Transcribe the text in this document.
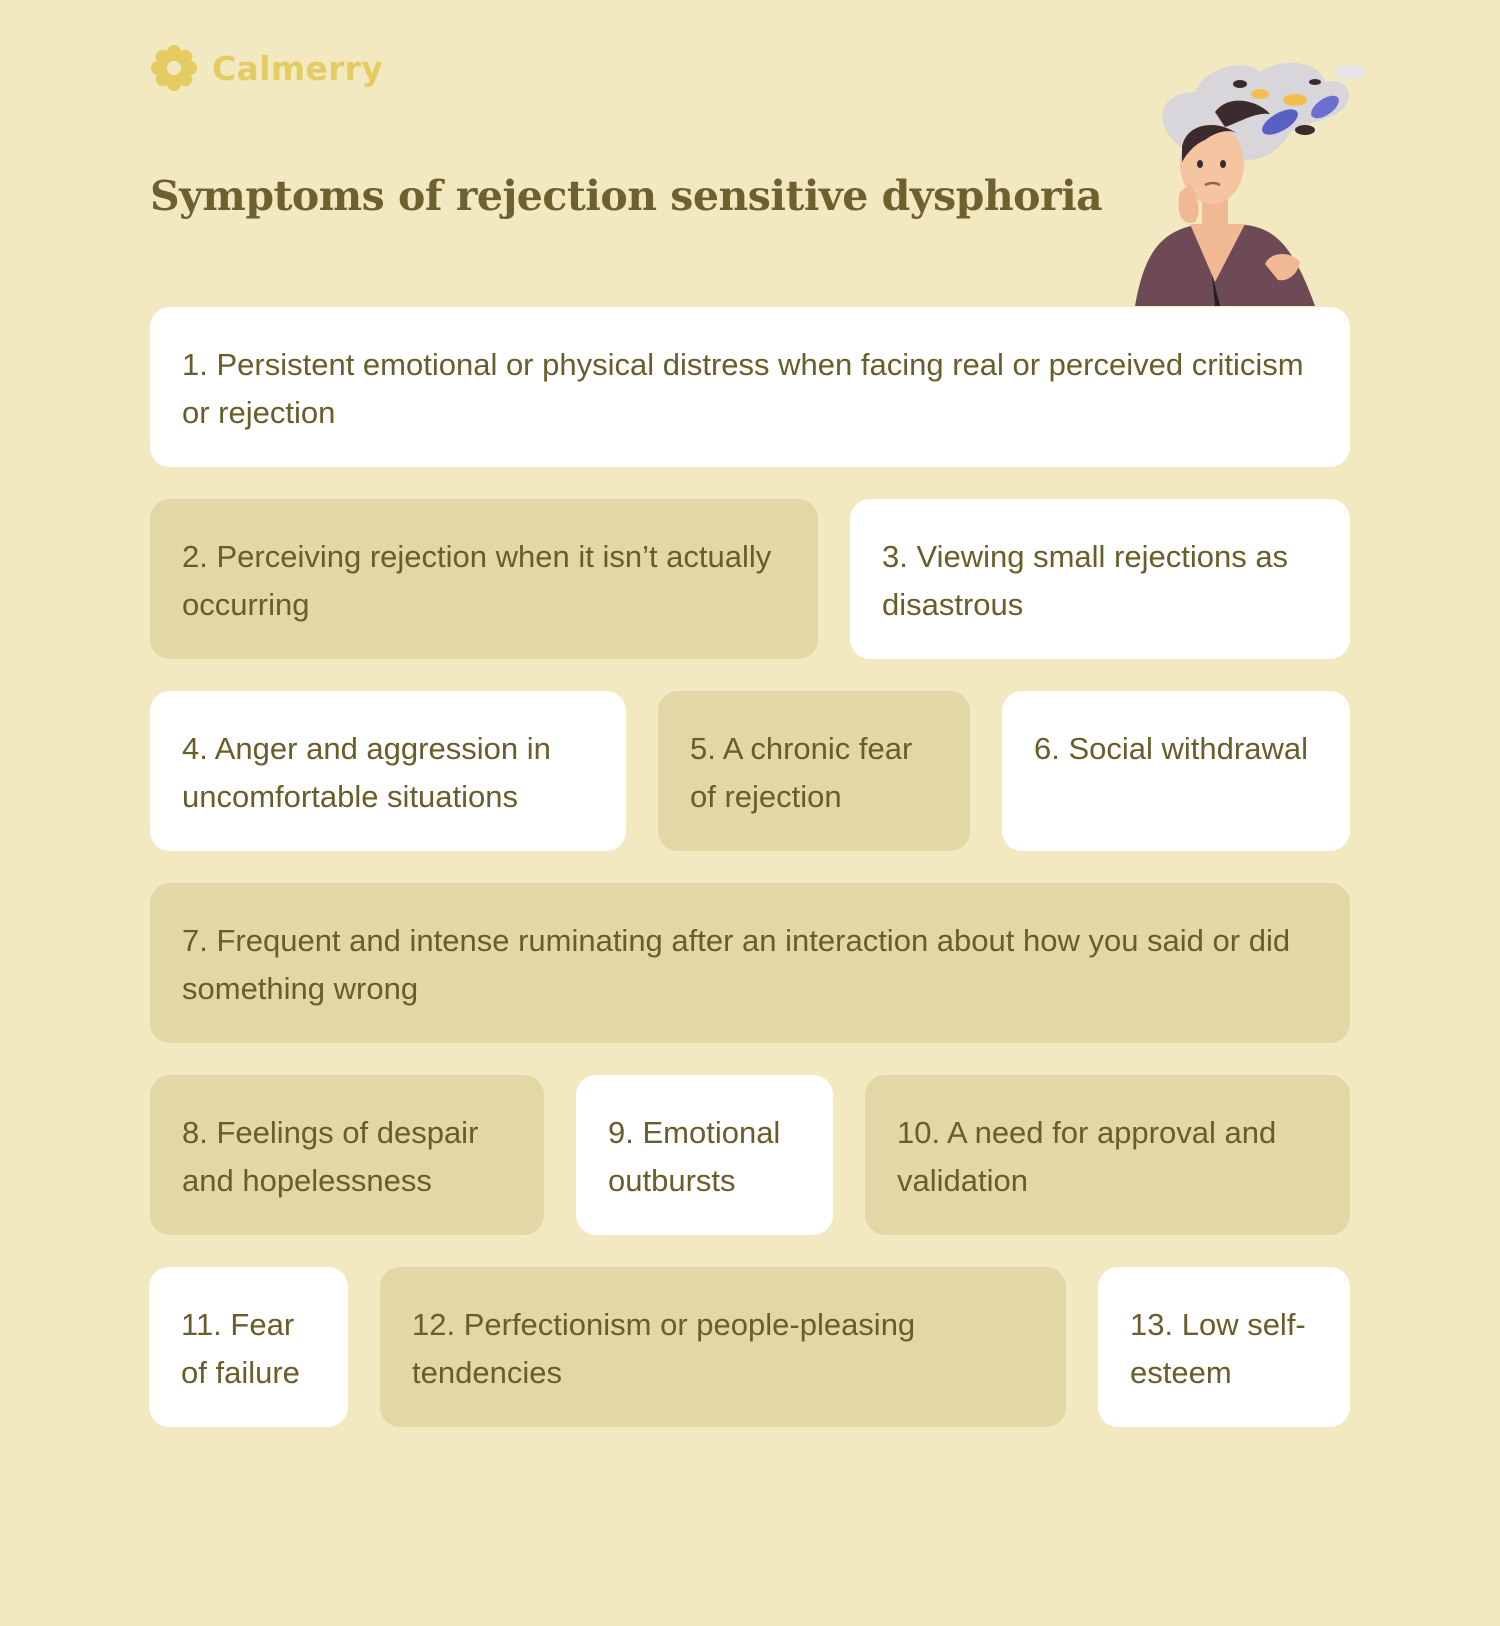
Calmerry
Symptoms of rejection sensitive dysphoria
1. Persistent emotional or physical distress when facing real or perceived criticism or rejection
2. Perceiving rejection when it isn’t actually occurring
3. Viewing small rejections as disastrous
4. Anger and aggression in uncomfortable situations
5. A chronic fear of rejection
6. Social withdrawal
7. Frequent and intense ruminating after an interaction about how you said or did something wrong
8. Feelings of despair and hopelessness
9. Emotional outbursts
10. A need for approval and validation
11. Fear of failure
12. Perfectionism or people-pleasing tendencies
13. Low self-esteem
